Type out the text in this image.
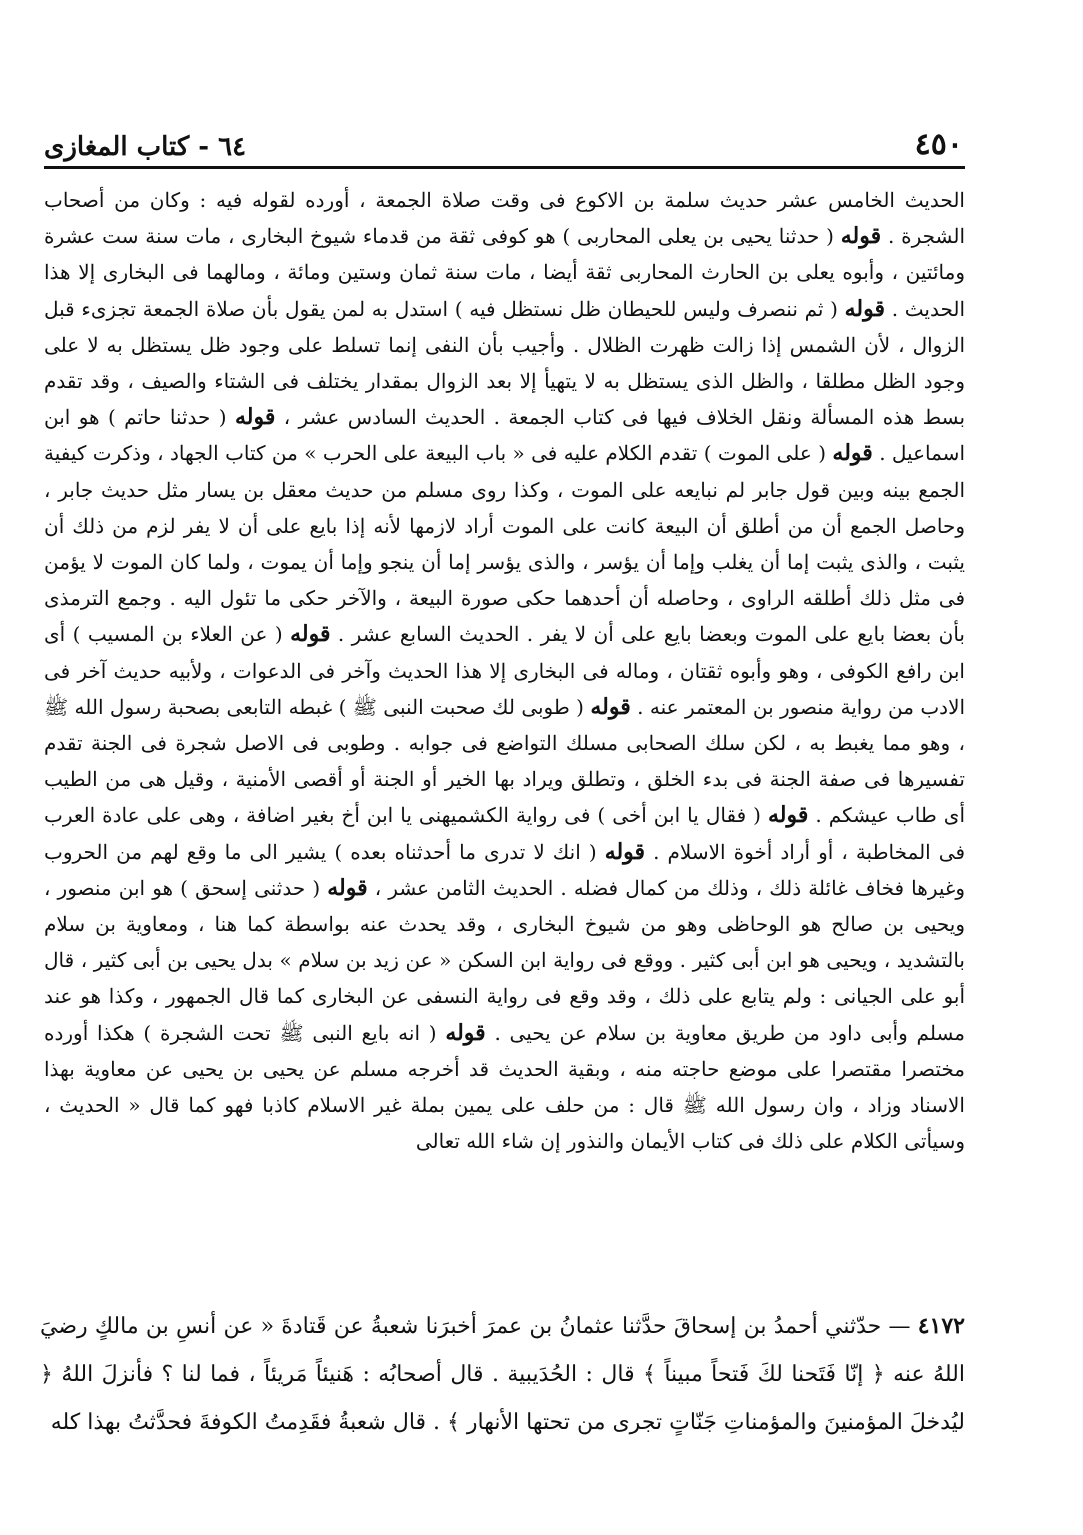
٤٥٠
٦٤ - كتاب المغازى

الحديث الخامس عشر حديث سلمة بن الاكوع فى وقت صلاة الجمعة ، أورده لقوله فيه : وكان من أصحاب الشجرة . قوله ( حدثنا يحيى بن يعلى المحاربى ) هو كوفى ثقة من قدماء شيوخ البخارى ، مات سنة ست عشرة ومائتين ، وأبوه يعلى بن الحارث المحاربى ثقة أيضا ، مات سنة ثمان وستين ومائة ، ومالهما فى البخارى إلا هذا الحديث . قوله ( ثم ننصرف وليس للحيطان ظل نستظل فيه ) استدل به لمن يقول بأن صلاة الجمعة تجزىء قبل الزوال ، لأن الشمس إذا زالت ظهرت الظلال . وأجيب بأن النفى إنما تسلط على وجود ظل يستظل به لا على وجود الظل مطلقا ، والظل الذى يستظل به لا يتهيأ إلا بعد الزوال بمقدار يختلف فى الشتاء والصيف ، وقد تقدم بسط هذه المسألة ونقل الخلاف فيها فى كتاب الجمعة . الحديث السادس عشر ، قوله ( حدثنا حاتم ) هو ابن اسماعيل . قوله ( على الموت ) تقدم الكلام عليه فى « باب البيعة على الحرب » من كتاب الجهاد ، وذكرت كيفية الجمع بينه وبين قول جابر لم نبايعه على الموت ، وكذا روى مسلم من حديث معقل بن يسار مثل حديث جابر ، وحاصل الجمع أن من أطلق أن البيعة كانت على الموت أراد لازمها لأنه إذا بايع على أن لا يفر لزم من ذلك أن يثبت ، والذى يثبت إما أن يغلب وإما أن يؤسر ، والذى يؤسر إما أن ينجو وإما أن يموت ، ولما كان الموت لا يؤمن فى مثل ذلك أطلقه الراوى ، وحاصله أن أحدهما حكى صورة البيعة ، والآخر حكى ما تئول اليه . وجمع الترمذى بأن بعضا بايع على الموت وبعضا بايع على أن لا يفر . الحديث السابع عشر . قوله ( عن العلاء بن المسيب ) أى ابن رافع الكوفى ، وهو وأبوه ثقتان ، وماله فى البخارى إلا هذا الحديث وآخر فى الدعوات ، ولأبيه حديث آخر فى الادب من رواية منصور بن المعتمر عنه . قوله ( طوبى لك صحبت النبى ﷺ ) غبطه التابعى بصحبة رسول الله ﷺ ، وهو مما يغبط به ، لكن سلك الصحابى مسلك التواضع فى جوابه . وطوبى فى الاصل شجرة فى الجنة تقدم تفسيرها فى صفة الجنة فى بدء الخلق ، وتطلق ويراد بها الخير أو الجنة أو أقصى الأمنية ، وقيل هى من الطيب أى طاب عيشكم . قوله ( فقال يا ابن أخى ) فى رواية الكشميهنى يا ابن أخ بغير اضافة ، وهى على عادة العرب فى المخاطبة ، أو أراد أخوة الاسلام . قوله ( انك لا تدرى ما أحدثناه بعده ) يشير الى ما وقع لهم من الحروب وغيرها فخاف غائلة ذلك ، وذلك من كمال فضله . الحديث الثامن عشر ، قوله ( حدثنى إسحق ) هو ابن منصور ، ويحيى بن صالح هو الوحاظى وهو من شيوخ البخارى ، وقد يحدث عنه بواسطة كما هنا ، ومعاوية بن سلام بالتشديد ، ويحيى هو ابن أبى كثير . ووقع فى رواية ابن السكن « عن زيد بن سلام » بدل يحيى بن أبى كثير ، قال أبو على الجيانى : ولم يتابع على ذلك ، وقد وقع فى رواية النسفى عن البخارى كما قال الجمهور ، وكذا هو عند مسلم وأبى داود من طريق معاوية بن سلام عن يحيى . قوله ( انه بايع النبى ﷺ تحت الشجرة ) هكذا أورده مختصرا مقتصرا على موضع حاجته منه ، وبقية الحديث قد أخرجه مسلم عن يحيى بن يحيى عن معاوية بهذا الاسناد وزاد ، وان رسول الله ﷺ قال : من حلف على يمين بملة غير الاسلام كاذبا فهو كما قال « الحديث ، وسيأتى الكلام على ذلك فى كتاب الأيمان والنذور إن شاء الله تعالى

٤١٧٢ — حدّثني أحمدُ بن إسحاقَ حدَّثنا عثمانُ بن عمرَ أخبرَنا شعبةُ عن قَتادةَ « عن أنسِ بن مالكٍ رضيَ اللهُ عنه ﴿ إنّا فَتَحنا لكَ فَتحاً مبيناً ﴾ قال : الحُدَيبية . قال أصحابُه : هَنيئاً مَريئاً ، فما لنا ؟ فأنزلَ اللهُ ﴿ ليُدخلَ المؤمنينَ والمؤمناتِ جَنّاتٍ تجرى من تحتها الأنهار ﴾ . قال شعبةُ فقَدِمتُ الكوفةَ فحدَّثتُ بهذا كله
